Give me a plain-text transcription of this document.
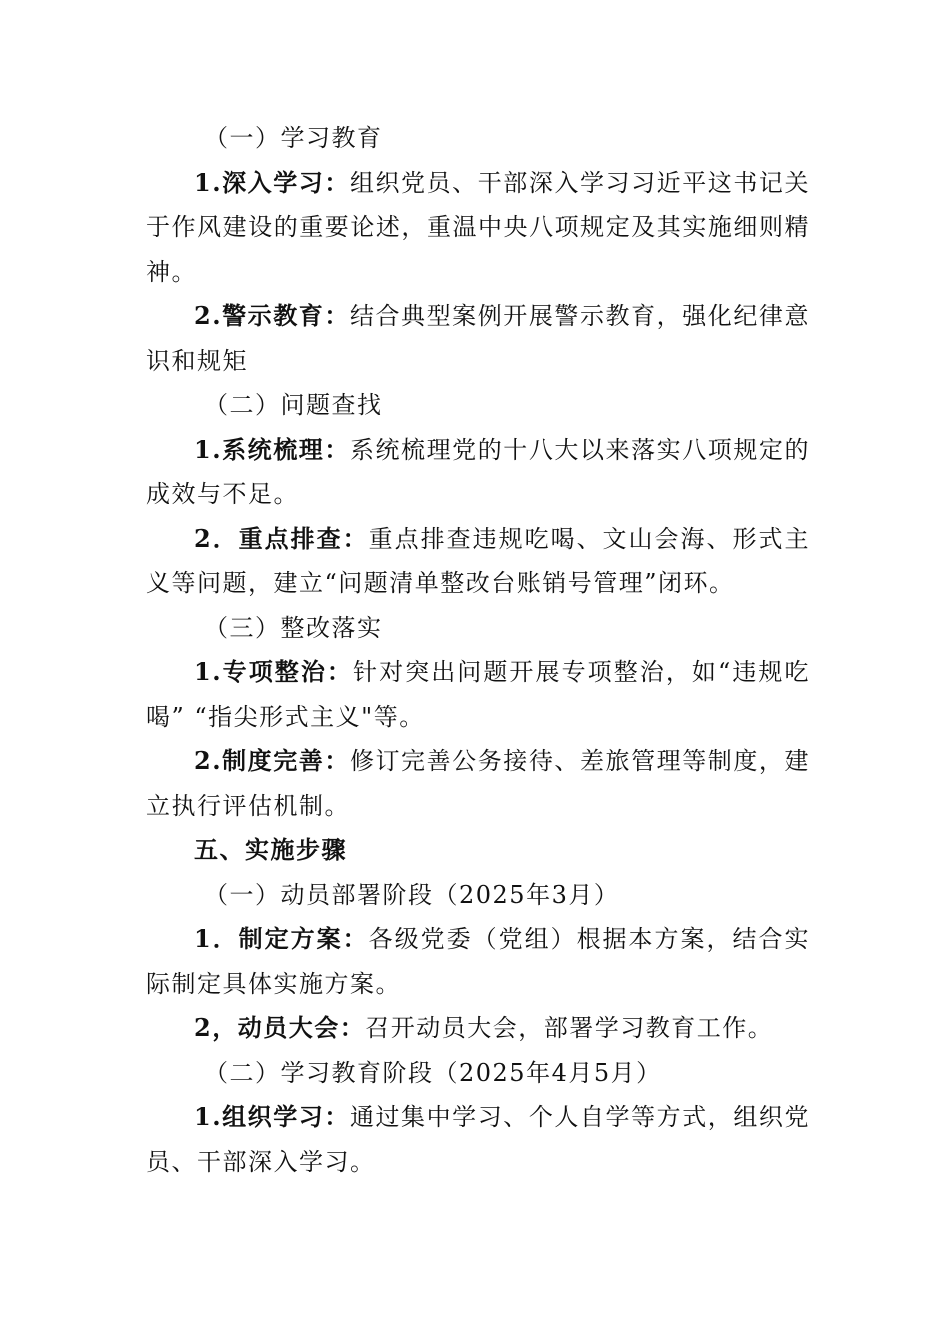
（一）学习教育

1.深入学习：组织党员、干部深入学习习近平这书记关于作风建设的重要论述，重温中央八项规定及其实施细则精神。

2.警示教育：结合典型案例开展警示教育，强化纪律意识和规矩

（二）问题查找

1.系统梳理：系统梳理党的十八大以来落实八项规定的成效与不足。

2．重点排查：重点排查违规吃喝、文山会海、形式主义等问题，建立“问题清单整改台账销号管理”闭环。

（三）整改落实

1.专项整治：针对突出问题开展专项整治，如“违规吃喝” “指尖形式主义"等。

2.制度完善：修订完善公务接待、差旅管理等制度，建立执行评估机制。

五、实施步骤

（一）动员部署阶段（2025年3月）

1．制定方案：各级党委（党组）根据本方案，结合实际制定具体实施方案。

2，动员大会：召开动员大会，部署学习教育工作。

（二）学习教育阶段（2025年4月5月）

1.组织学习：通过集中学习、个人自学等方式，组织党员、干部深入学习。
